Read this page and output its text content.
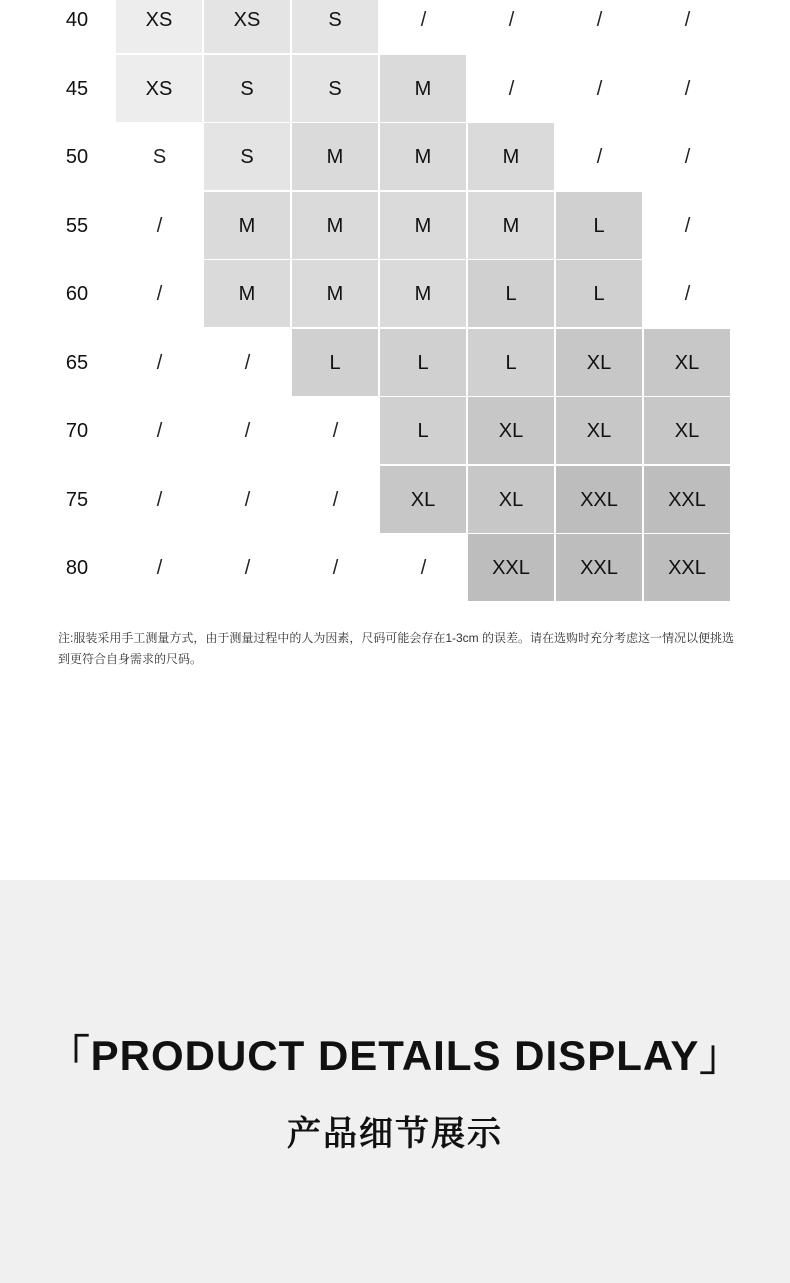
40	XS	XS	S	/	/	/	/
45	XS	S	S	M	/	/	/
50	S	S	M	M	M	/	/
55	/	M	M	M	M	L	/
60	/	M	M	M	L	L	/
65	/	/	L	L	L	XL	XL
70	/	/	/	L	XL	XL	XL
75	/	/	/	XL	XL	XXL	XXL
80	/	/	/	/	XXL	XXL	XXL
注:服装采用手工测量方式，由于测量过程中的人为因素，尺码可能会存在1-3cm 的误差。请在选购时充分考虑这一情况以便挑选到更符合自身需求的尺码。
「PRODUCT DETAILS DISPLAY」
产品细节展示
